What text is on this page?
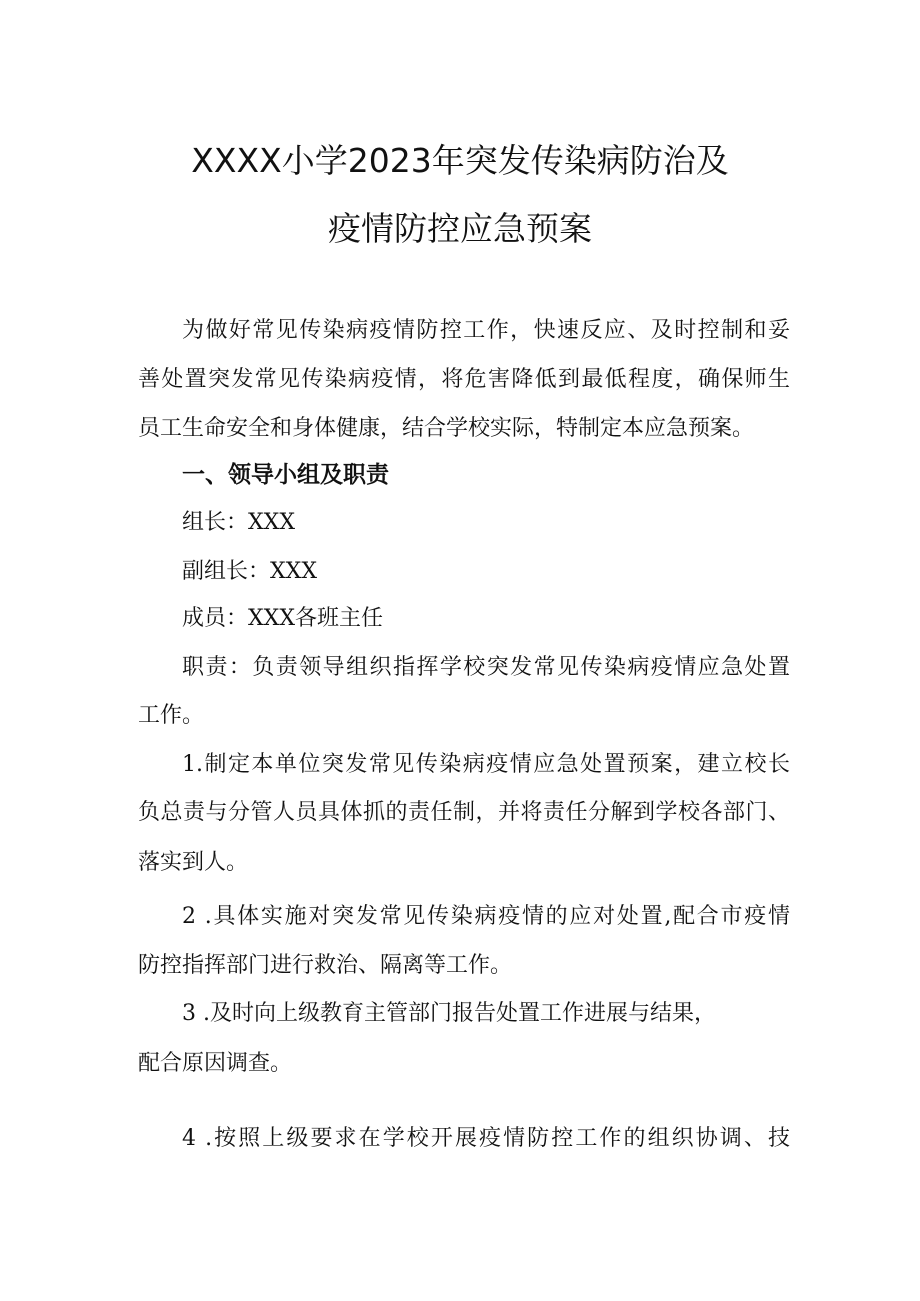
XXXX小学2023年突发传染病防治及
疫情防控应急预案
为做好常见传染病疫情防控工作，快速反应、及时控制和妥
善处置突发常见传染病疫情，将危害降低到最低程度，确保师生
员工生命安全和身体健康，结合学校实际，特制定本应急预案。
一、领导小组及职责
组长：XXX
副组长：XXX
成员：XXX各班主任
职责：负责领导组织指挥学校突发常见传染病疫情应急处置
工作。
1.制定本单位突发常见传染病疫情应急处置预案，建立校长
负总责与分管人员具体抓的责任制，并将责任分解到学校各部门、
落实到人。
2 .具体实施对突发常见传染病疫情的应对处置,配合市疫情
防控指挥部门进行救治、隔离等工作。
3 .及时向上级教育主管部门报告处置工作进展与结果，
配合原因调查。
4 .按照上级要求在学校开展疫情防控工作的组织协调、技
